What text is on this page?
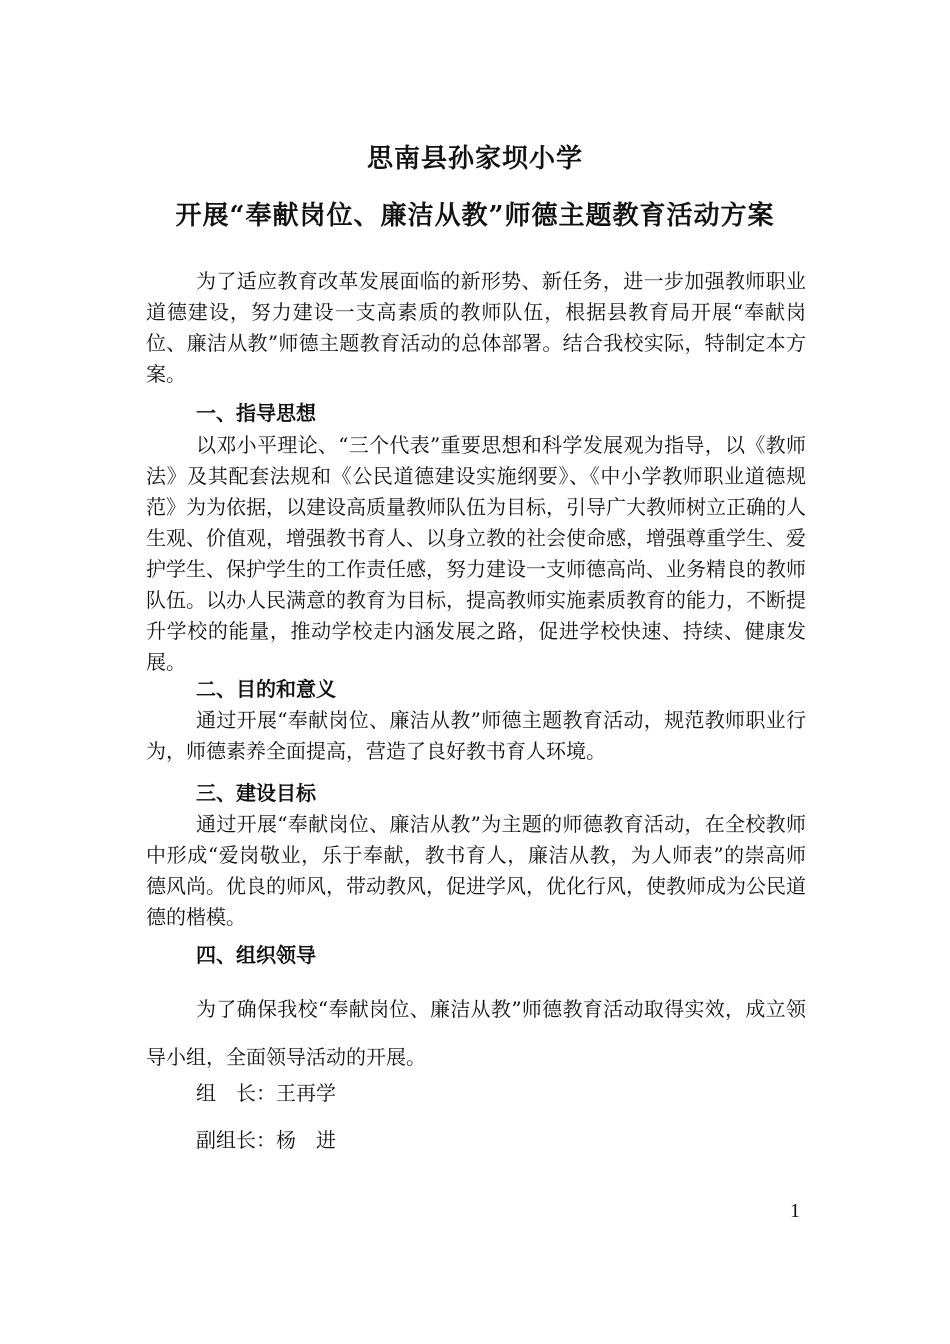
思南县孙家坝小学
开展“奉献岗位、廉洁从教”师德主题教育活动方案
为了适应教育改革发展面临的新形势、新任务，进一步加强教师职业道德建设，努力建设一支高素质的教师队伍，根据县教育局开展“奉献岗位、廉洁从教”师德主题教育活动的总体部署。结合我校实际，特制定本方案。
一、指导思想
以邓小平理论、“三个代表”重要思想和科学发展观为指导，以《教师法》及其配套法规和《公民道德建设实施纲要》、《中小学教师职业道德规范》为为依据，以建设高质量教师队伍为目标，引导广大教师树立正确的人生观、价值观，增强教书育人、以身立教的社会使命感，增强尊重学生、爱护学生、保护学生的工作责任感，努力建设一支师德高尚、业务精良的教师队伍。以办人民满意的教育为目标，提高教师实施素质教育的能力，不断提升学校的能量，推动学校走内涵发展之路，促进学校快速、持续、健康发展。
二、目的和意义
通过开展“奉献岗位、廉洁从教”师德主题教育活动，规范教师职业行为，师德素养全面提高，营造了良好教书育人环境。
三、建设目标
通过开展“奉献岗位、廉洁从教”为主题的师德教育活动，在全校教师中形成“爱岗敬业，乐于奉献，教书育人，廉洁从教，为人师表”的崇高师德风尚。优良的师风，带动教风，促进学风，优化行风，使教师成为公民道德的楷模。
四、组织领导
为了确保我校“奉献岗位、廉洁从教”师德教育活动取得实效，成立领导小组，全面领导活动的开展。
组　长：王再学
副组长：杨　进
1
